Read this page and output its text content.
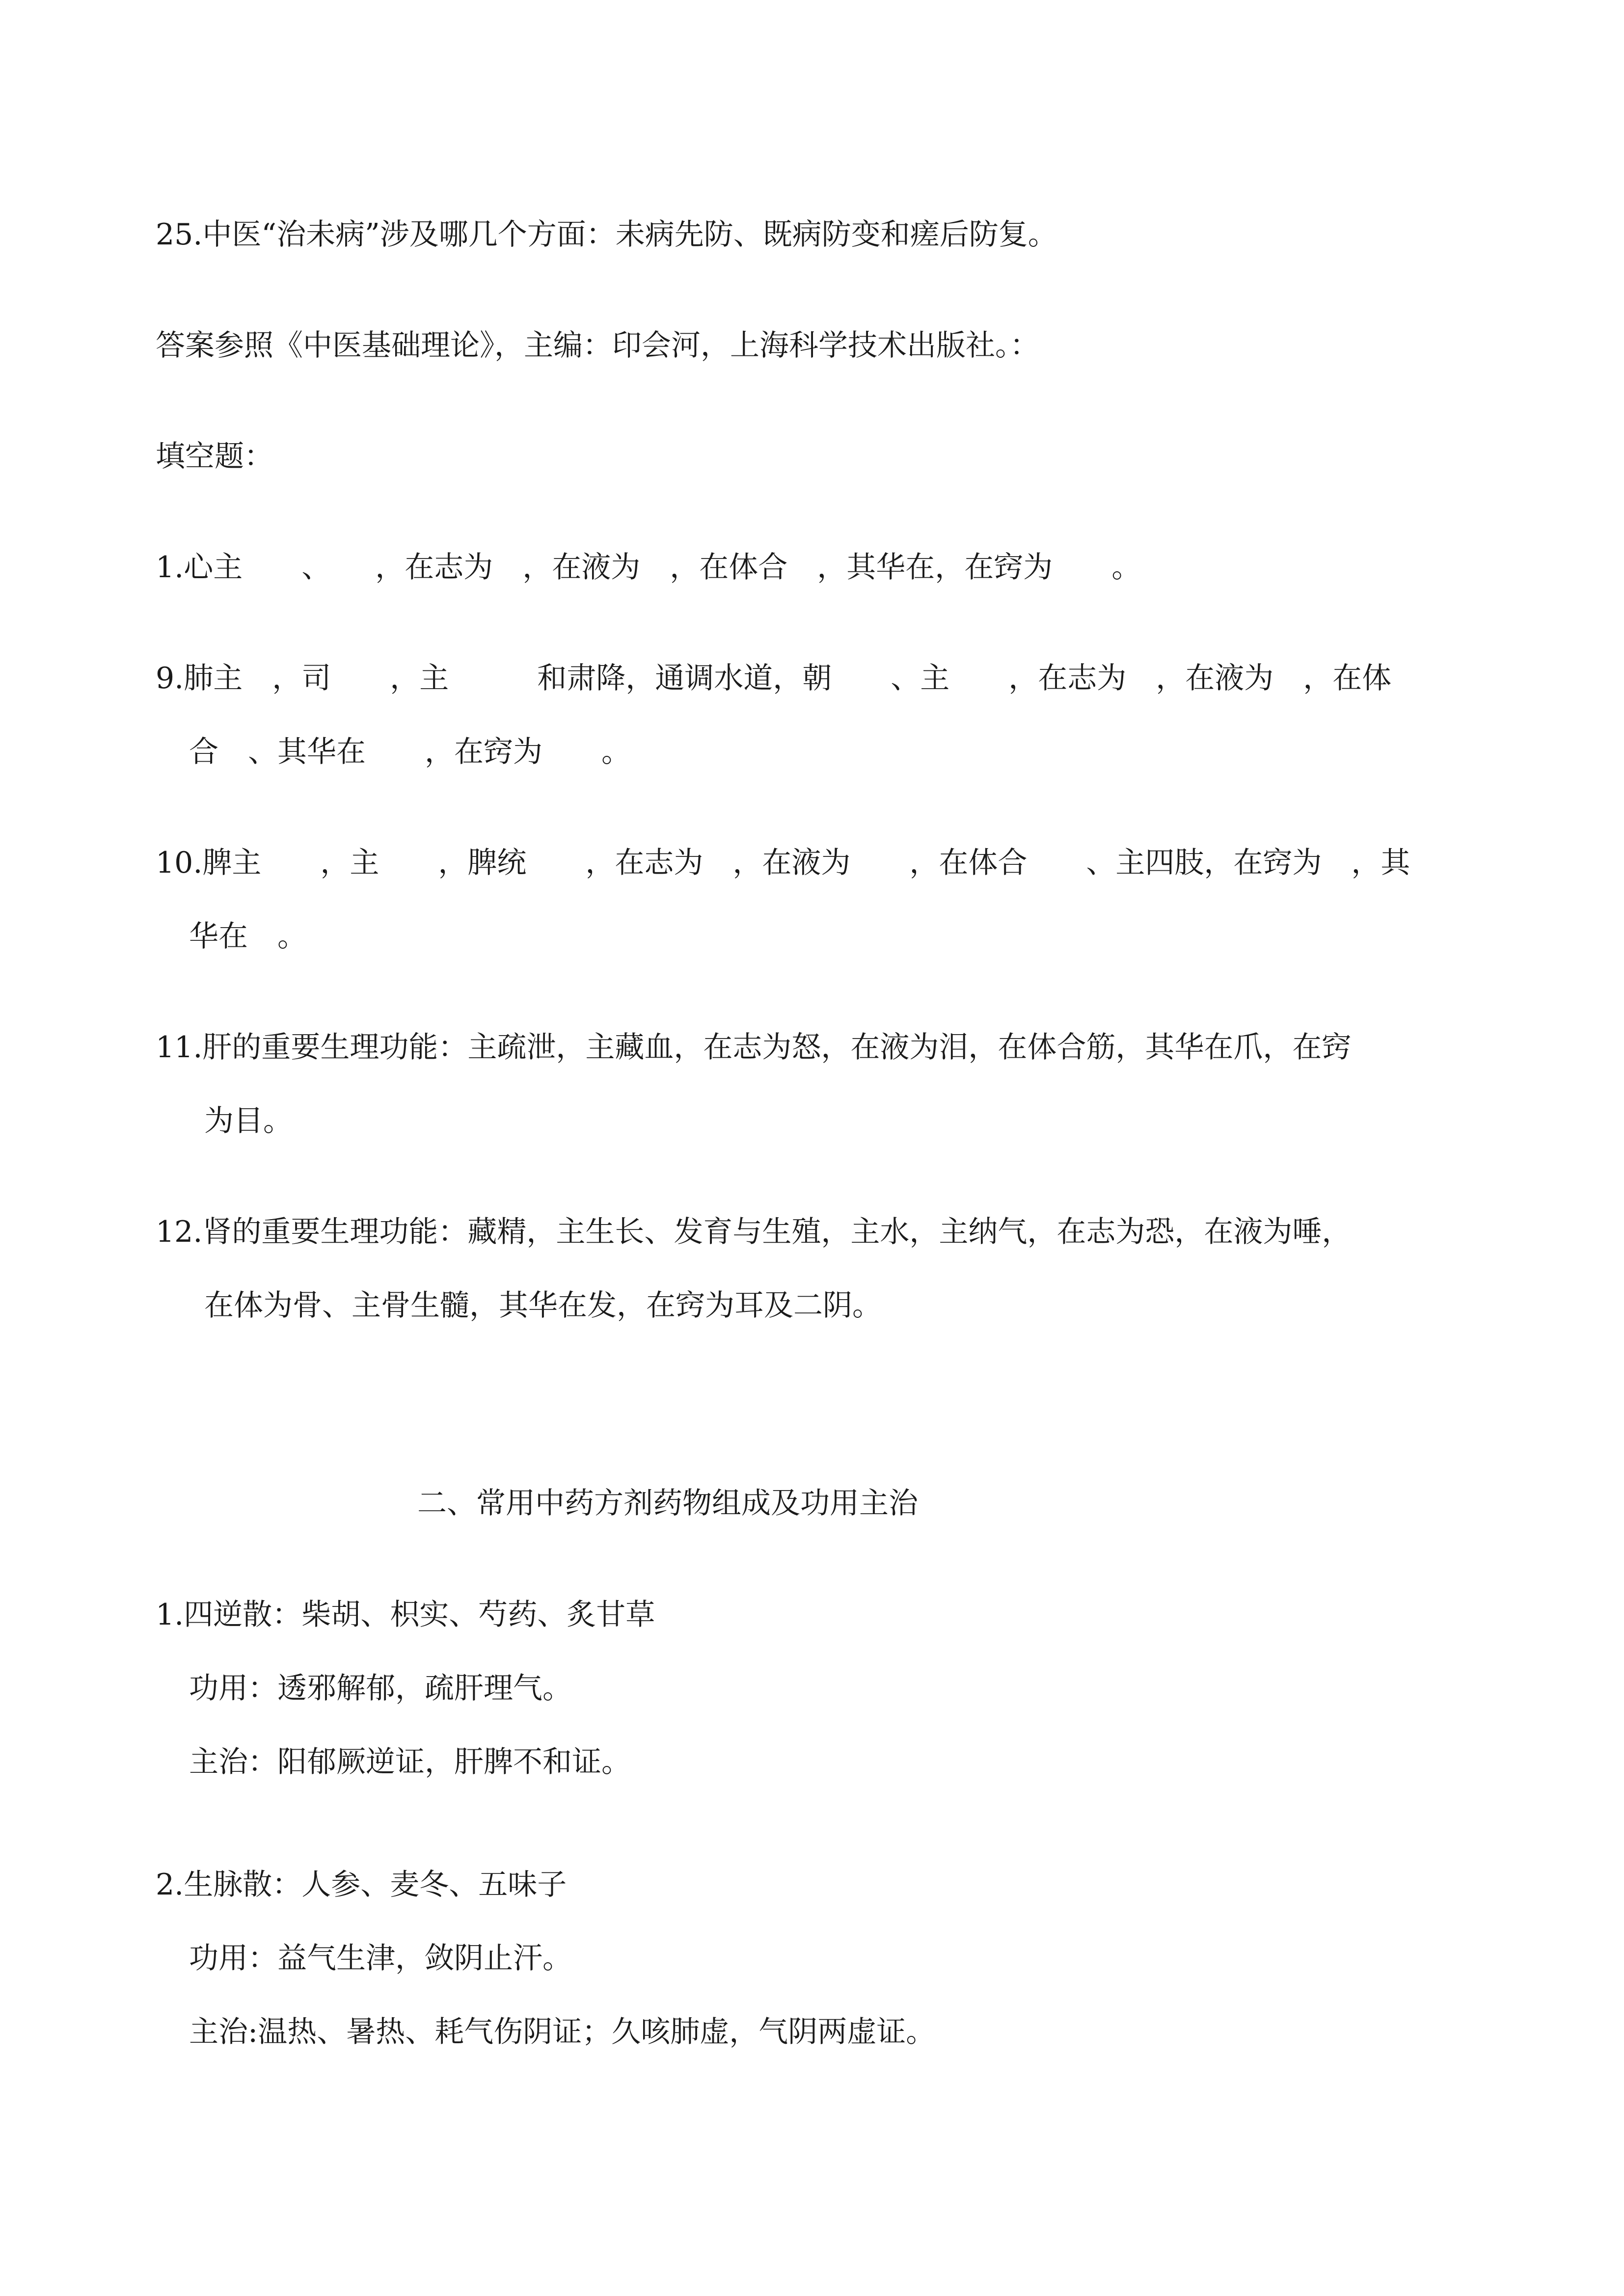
25.中医“治未病”涉及哪几个方面：未病先防、既病防变和瘥后防复。
答案参照《中医基础理论》，主编：印会河，上海科学技术出版社。：
填空题：
1.心主　　、　　，在志为　，在液为　，在体合　，其华在，在窍为　　。
9.肺主　，司　　，主　　　和肃降，通调水道，朝　　、主　　，在志为　，在液为　，在体
合　、其华在　　，在窍为　　。
10.脾主　　，主　　，脾统　　，在志为　，在液为　　，在体合　　、主四肢，在窍为　，其
华在　。
11.肝的重要生理功能：主疏泄，主藏血，在志为怒，在液为泪，在体合筋，其华在爪，在窍
为目。
12.肾的重要生理功能：藏精，主生长、发育与生殖，主水，主纳气，在志为恐，在液为唾，
在体为骨、主骨生髓，其华在发，在窍为耳及二阴。
二、常用中药方剂药物组成及功用主治
1.四逆散：柴胡、枳实、芍药、炙甘草
功用：透邪解郁，疏肝理气。
主治：阳郁厥逆证，肝脾不和证。
2.生脉散：人参、麦冬、五味子
功用：益气生津，敛阴止汗。
主治:温热、暑热、耗气伤阴证；久咳肺虚，气阴两虚证。
